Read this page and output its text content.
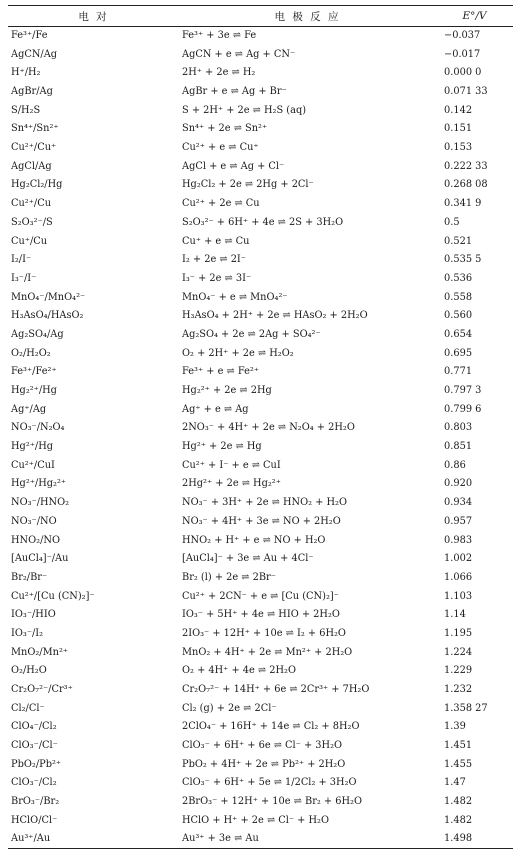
电 对	电 极 反 应	E°/V
Fe³⁺/Fe	Fe³⁺ + 3e ⇌ Fe	−0.037
AgCN/Ag	AgCN + e ⇌ Ag + CN⁻	−0.017
H⁺/H₂	2H⁺ + 2e ⇌ H₂	0.000 0
AgBr/Ag	AgBr + e ⇌ Ag + Br⁻	0.071 33
S/H₂S	S + 2H⁺ + 2e ⇌ H₂S (aq)	0.142
Sn⁴⁺/Sn²⁺	Sn⁴⁺ + 2e ⇌ Sn²⁺	0.151
Cu²⁺/Cu⁺	Cu²⁺ + e ⇌ Cu⁺	0.153
AgCl/Ag	AgCl + e ⇌ Ag + Cl⁻	0.222 33
Hg₂Cl₂/Hg	Hg₂Cl₂ + 2e ⇌ 2Hg + 2Cl⁻	0.268 08
Cu²⁺/Cu	Cu²⁺ + 2e ⇌ Cu	0.341 9
S₂O₃²⁻/S	S₂O₃²⁻ + 6H⁺ + 4e ⇌ 2S + 3H₂O	0.5
Cu⁺/Cu	Cu⁺ + e ⇌ Cu	0.521
I₂/I⁻	I₂ + 2e ⇌ 2I⁻	0.535 5
I₃⁻/I⁻	I₃⁻ + 2e ⇌ 3I⁻	0.536
MnO₄⁻/MnO₄²⁻	MnO₄⁻ + e ⇌ MnO₄²⁻	0.558
H₃AsO₄/HAsO₂	H₃AsO₄ + 2H⁺ + 2e ⇌ HAsO₂ + 2H₂O	0.560
Ag₂SO₄/Ag	Ag₂SO₄ + 2e ⇌ 2Ag + SO₄²⁻	0.654
O₂/H₂O₂	O₂ + 2H⁺ + 2e ⇌ H₂O₂	0.695
Fe³⁺/Fe²⁺	Fe³⁺ + e ⇌ Fe²⁺	0.771
Hg₂²⁺/Hg	Hg₂²⁺ + 2e ⇌ 2Hg	0.797 3
Ag⁺/Ag	Ag⁺ + e ⇌ Ag	0.799 6
NO₃⁻/N₂O₄	2NO₃⁻ + 4H⁺ + 2e ⇌ N₂O₄ + 2H₂O	0.803
Hg²⁺/Hg	Hg²⁺ + 2e ⇌ Hg	0.851
Cu²⁺/CuI	Cu²⁺ + I⁻ + e ⇌ CuI	0.86
Hg²⁺/Hg₂²⁺	2Hg²⁺ + 2e ⇌ Hg₂²⁺	0.920
NO₃⁻/HNO₂	NO₃⁻ + 3H⁺ + 2e ⇌ HNO₂ + H₂O	0.934
NO₃⁻/NO	NO₃⁻ + 4H⁺ + 3e ⇌ NO + 2H₂O	0.957
HNO₂/NO	HNO₂ + H⁺ + e ⇌ NO + H₂O	0.983
[AuCl₄]⁻/Au	[AuCl₄]⁻ + 3e ⇌ Au + 4Cl⁻	1.002
Br₂/Br⁻	Br₂ (l) + 2e ⇌ 2Br⁻	1.066
Cu²⁺/[Cu (CN)₂]⁻	Cu²⁺ + 2CN⁻ + e ⇌ [Cu (CN)₂]⁻	1.103
IO₃⁻/HIO	IO₃⁻ + 5H⁺ + 4e ⇌ HIO + 2H₂O	1.14
IO₃⁻/I₂	2IO₃⁻ + 12H⁺ + 10e ⇌ I₂ + 6H₂O	1.195
MnO₂/Mn²⁺	MnO₂ + 4H⁺ + 2e ⇌ Mn²⁺ + 2H₂O	1.224
O₂/H₂O	O₂ + 4H⁺ + 4e ⇌ 2H₂O	1.229
Cr₂O₇²⁻/Cr³⁺	Cr₂O₇²⁻ + 14H⁺ + 6e ⇌ 2Cr³⁺ + 7H₂O	1.232
Cl₂/Cl⁻	Cl₂ (g) + 2e ⇌ 2Cl⁻	1.358 27
ClO₄⁻/Cl₂	2ClO₄⁻ + 16H⁺ + 14e ⇌ Cl₂ + 8H₂O	1.39
ClO₃⁻/Cl⁻	ClO₃⁻ + 6H⁺ + 6e ⇌ Cl⁻ + 3H₂O	1.451
PbO₂/Pb²⁺	PbO₂ + 4H⁺ + 2e ⇌ Pb²⁺ + 2H₂O	1.455
ClO₃⁻/Cl₂	ClO₃⁻ + 6H⁺ + 5e ⇌ 1/2Cl₂ + 3H₂O	1.47
BrO₃⁻/Br₂	2BrO₃⁻ + 12H⁺ + 10e ⇌ Br₂ + 6H₂O	1.482
HClO/Cl⁻	HClO + H⁺ + 2e ⇌ Cl⁻ + H₂O	1.482
Au³⁺/Au	Au³⁺ + 3e ⇌ Au	1.498
